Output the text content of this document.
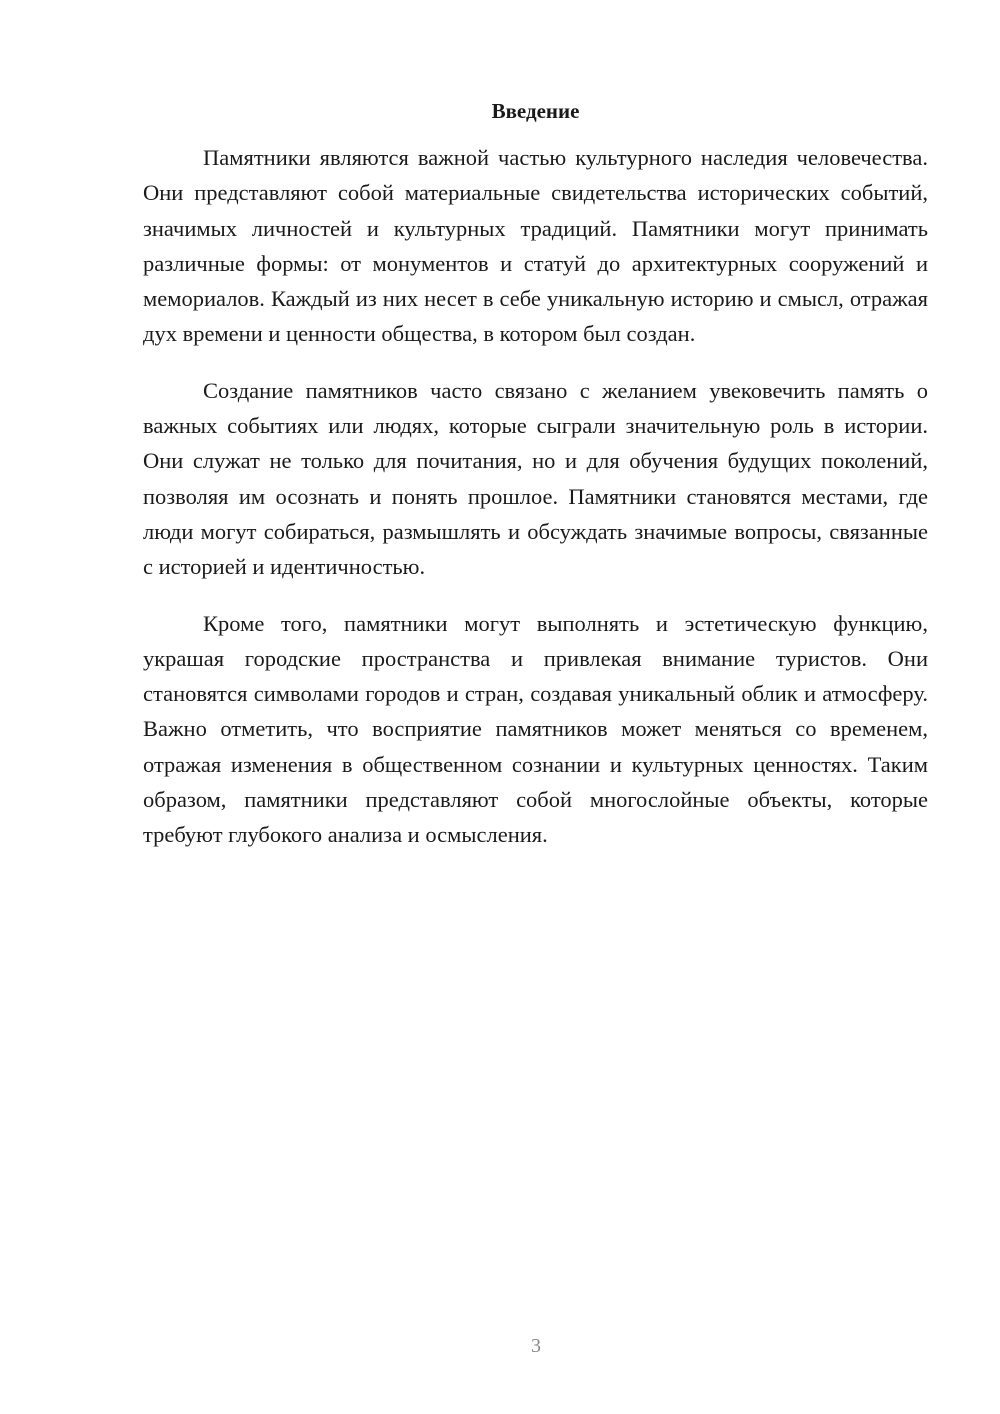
Введение

Памятники являются важной частью культурного наследия человечества. Они представляют собой материальные свидетельства исторических событий, значимых личностей и культурных традиций. Памятники могут принимать различные формы: от монументов и статуй до архитектурных сооружений и мемориалов. Каждый из них несет в себе уникальную историю и смысл, отражая дух времени и ценности общества, в котором был создан.

Создание памятников часто связано с желанием увековечить память о важных событиях или людях, которые сыграли значительную роль в истории. Они служат не только для почитания, но и для обучения будущих поколений, позволяя им осознать и понять прошлое. Памятники становятся местами, где люди могут собираться, размышлять и обсуждать значимые вопросы, связанные с историей и идентичностью.

Кроме того, памятники могут выполнять и эстетическую функцию, украшая городские пространства и привлекая внимание туристов. Они становятся символами городов и стран, создавая уникальный облик и атмосферу. Важно отметить, что восприятие памятников может меняться со временем, отражая изменения в общественном сознании и культурных ценностях. Таким образом, памятники представляют собой многослойные объекты, которые требуют глубокого анализа и осмысления.

3
